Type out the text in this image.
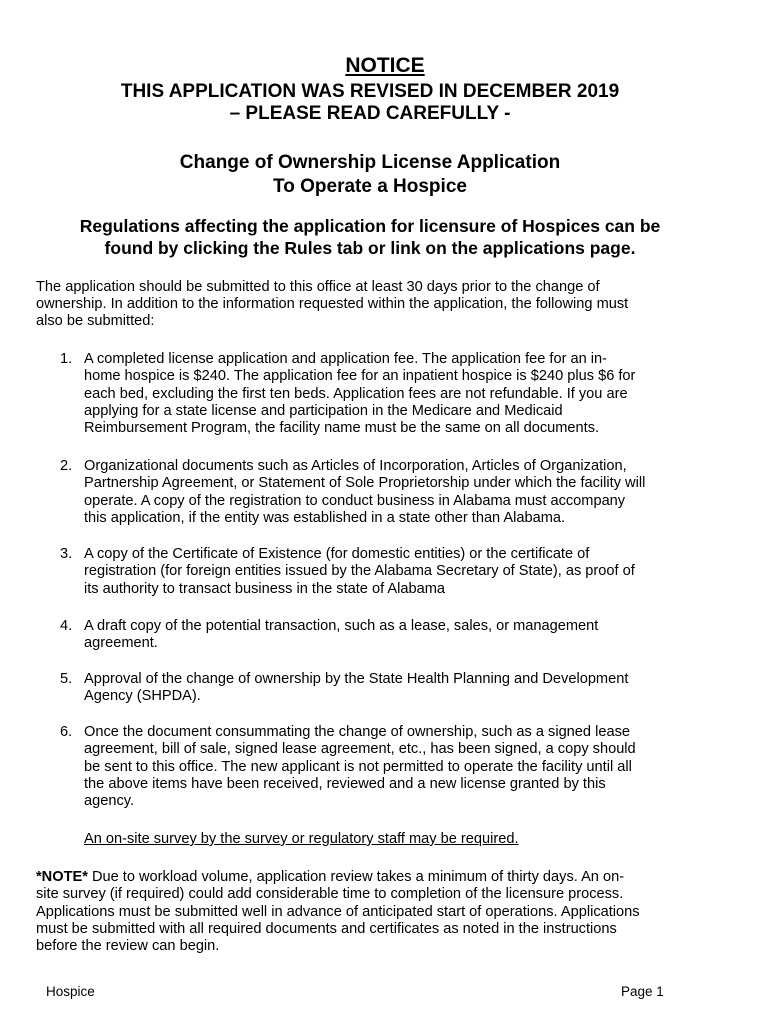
NOTICE
THIS APPLICATION WAS REVISED IN DECEMBER 2019
– PLEASE READ CAREFULLY -
Change of Ownership License Application
To Operate a Hospice
Regulations affecting the application for licensure of Hospices can be
found by clicking the Rules tab or link on the applications page.
The application should be submitted to this office at least 30 days prior to the change of
ownership. In addition to the information requested within the application, the following must
also be submitted:
1. A completed license application and application fee. The application fee for an in-
home hospice is $240. The application fee for an inpatient hospice is $240 plus $6 for
each bed, excluding the first ten beds. Application fees are not refundable. If you are
applying for a state license and participation in the Medicare and Medicaid
Reimbursement Program, the facility name must be the same on all documents.
2. Organizational documents such as Articles of Incorporation, Articles of Organization,
Partnership Agreement, or Statement of Sole Proprietorship under which the facility will
operate. A copy of the registration to conduct business in Alabama must accompany
this application, if the entity was established in a state other than Alabama.
3. A copy of the Certificate of Existence (for domestic entities) or the certificate of
registration (for foreign entities issued by the Alabama Secretary of State), as proof of
its authority to transact business in the state of Alabama
4. A draft copy of the potential transaction, such as a lease, sales, or management
agreement.
5. Approval of the change of ownership by the State Health Planning and Development
Agency (SHPDA).
6. Once the document consummating the change of ownership, such as a signed lease
agreement, bill of sale, signed lease agreement, etc., has been signed, a copy should
be sent to this office. The new applicant is not permitted to operate the facility until all
the above items have been received, reviewed and a new license granted by this
agency.
An on-site survey by the survey or regulatory staff may be required.
*NOTE* Due to workload volume, application review takes a minimum of thirty days. An on-
site survey (if required) could add considerable time to completion of the licensure process.
Applications must be submitted well in advance of anticipated start of operations. Applications
must be submitted with all required documents and certificates as noted in the instructions
before the review can begin.
Hospice	Page 1
